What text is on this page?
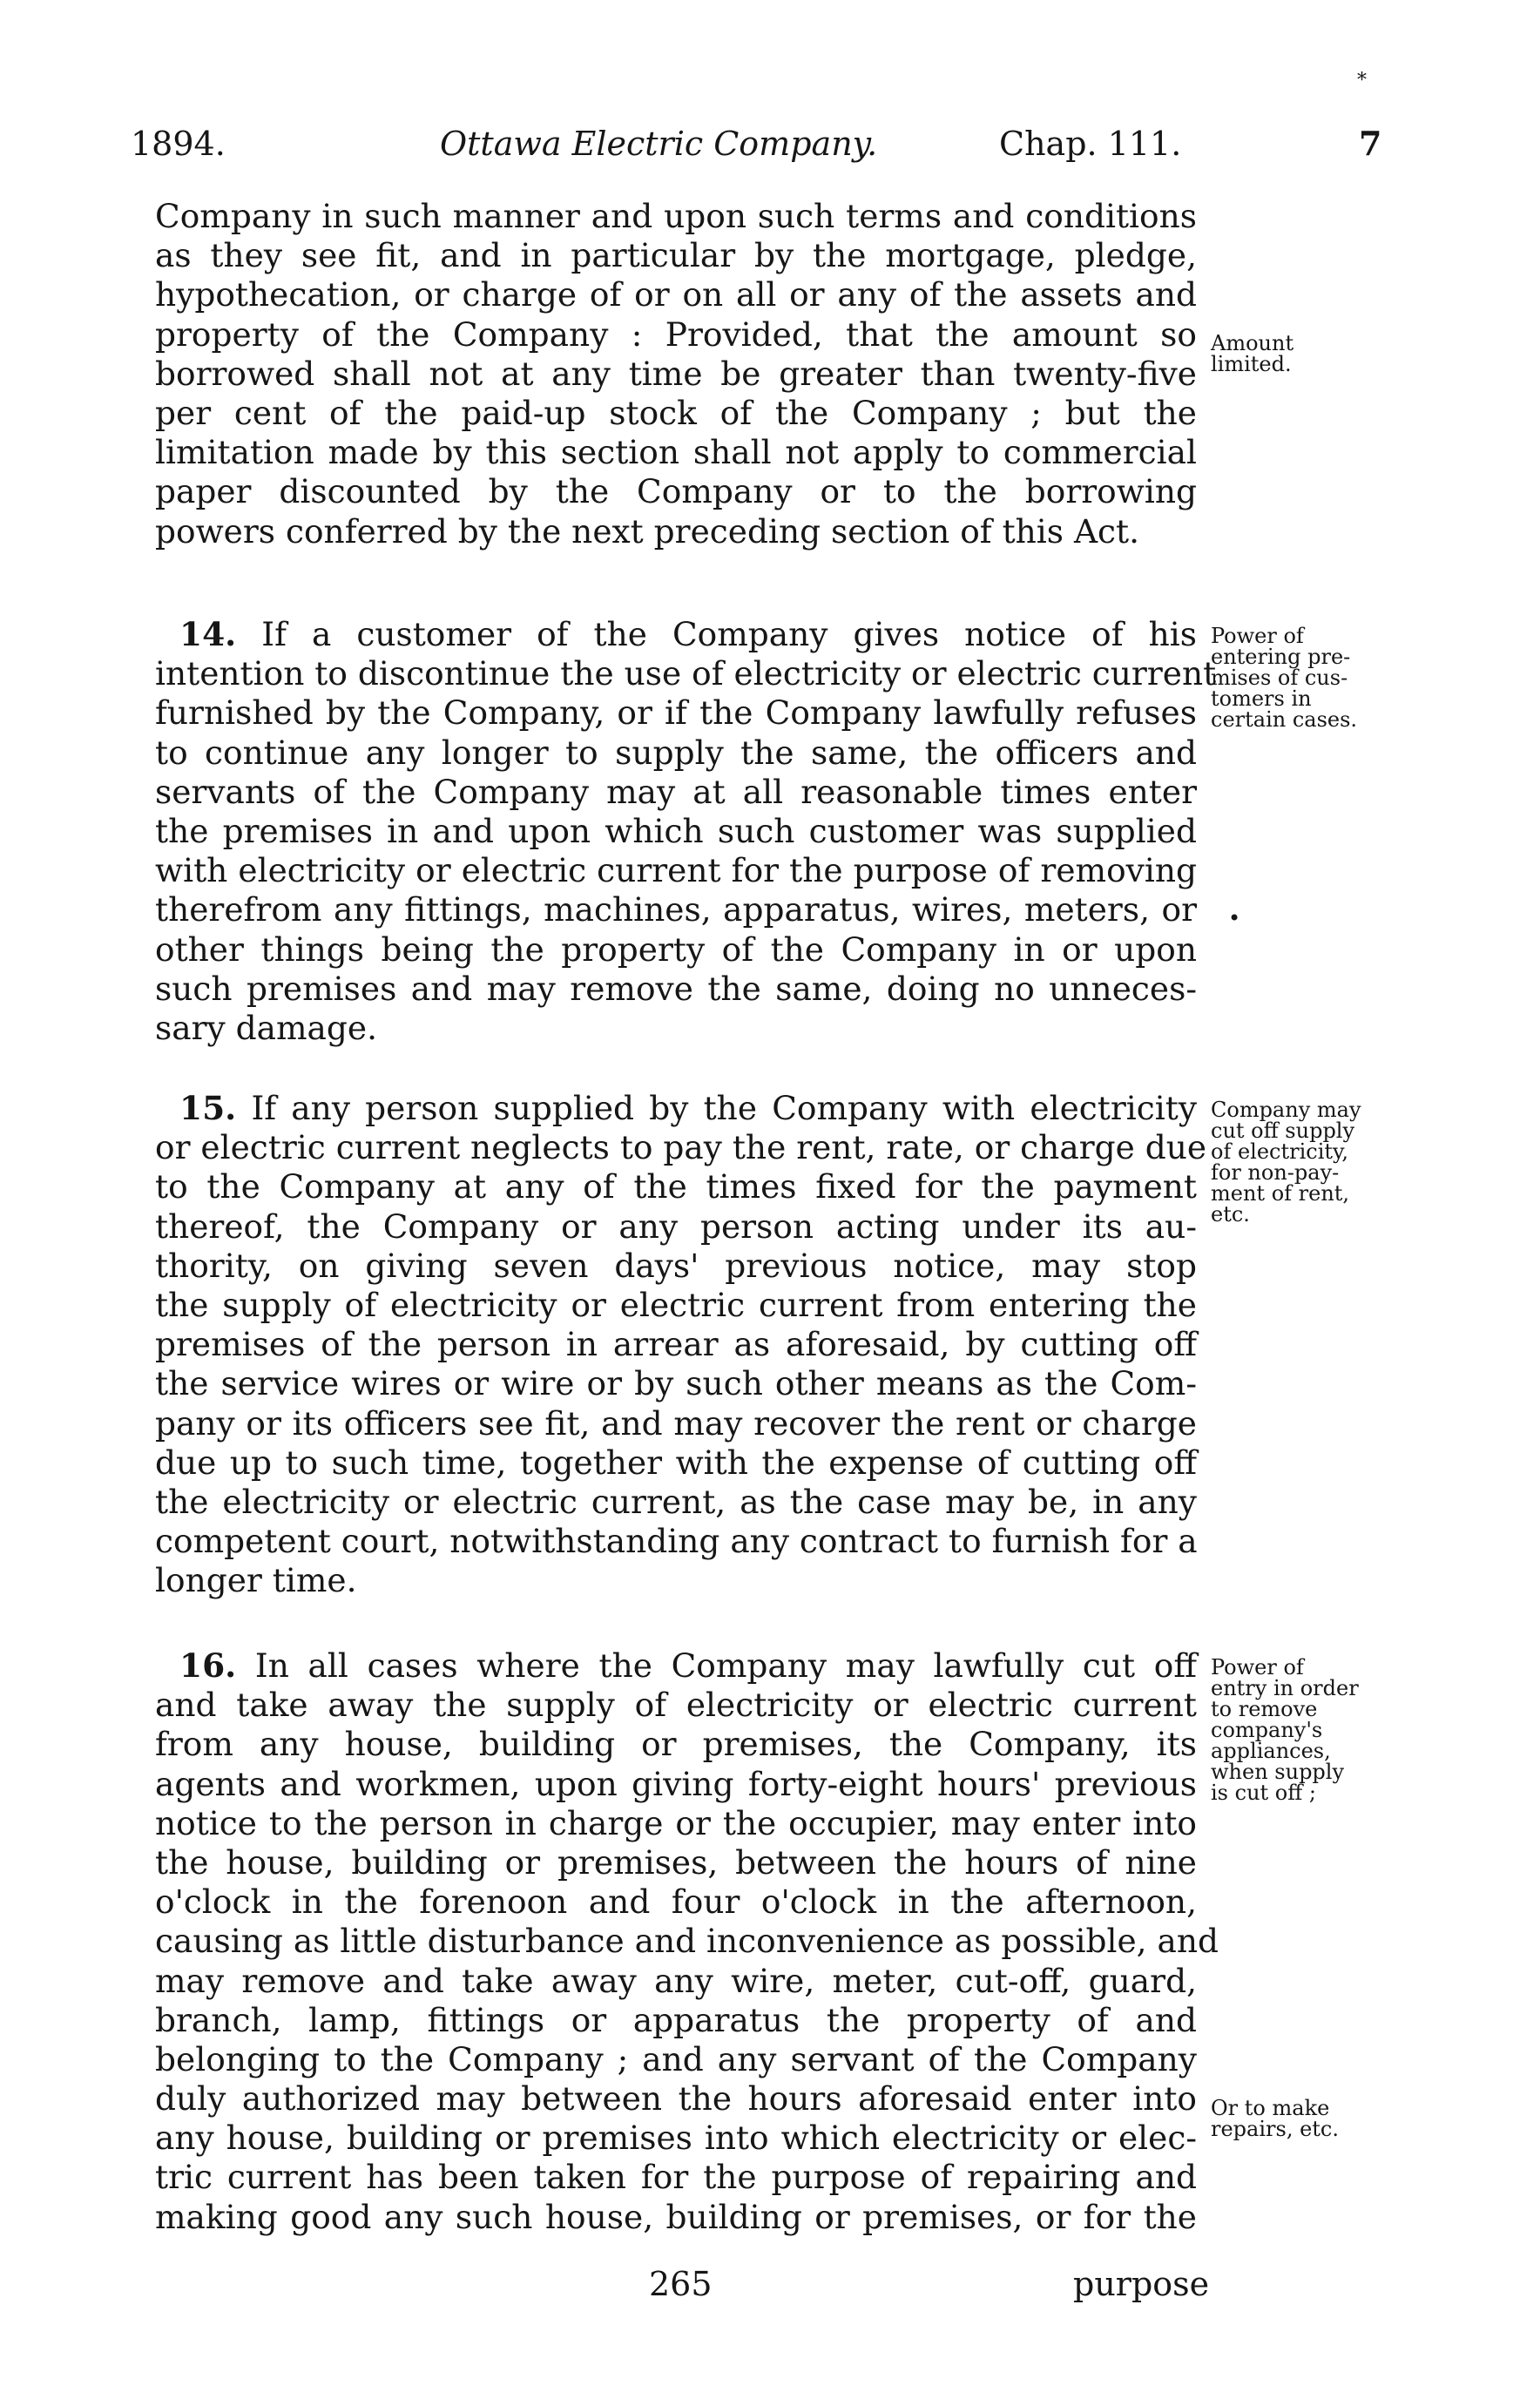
*
1894.	Ottawa Electric Company.	Chap. 111.	7
Company in such manner and upon such terms and conditions
as they see fit, and in particular by the mortgage, pledge,
hypothecation, or charge of or on all or any of the assets and
property of the Company : Provided, that the amount so
borrowed shall not at any time be greater than twenty-five
per cent of the paid-up stock of the Company ; but the
limitation made by this section shall not apply to commercial
paper discounted by the Company or to the borrowing
powers conferred by the next preceding section of this Act.
Amount
limited.
14. If a customer of the Company gives notice of his
intention to discontinue the use of electricity or electric current
furnished by the Company, or if the Company lawfully refuses
to continue any longer to supply the same, the officers and
servants of the Company may at all reasonable times enter
the premises in and upon which such customer was supplied
with electricity or electric current for the purpose of removing
therefrom any fittings, machines, apparatus, wires, meters, or
other things being the property of the Company in or upon
such premises and may remove the same, doing no unneces-
sary damage.
Power of
entering pre-
mises of cus-
tomers in
certain cases.
•
15. If any person supplied by the Company with electricity
or electric current neglects to pay the rent, rate, or charge due
to the Company at any of the times fixed for the payment
thereof, the Company or any person acting under its au-
thority, on giving seven days' previous notice, may stop
the supply of electricity or electric current from entering the
premises of the person in arrear as aforesaid, by cutting off
the service wires or wire or by such other means as the Com-
pany or its officers see fit, and may recover the rent or charge
due up to such time, together with the expense of cutting off
the electricity or electric current, as the case may be, in any
competent court, notwithstanding any contract to furnish for a
longer time.
Company may
cut off supply
of electricity,
for non-pay-
ment of rent,
etc.
16. In all cases where the Company may lawfully cut off
and take away the supply of electricity or electric current
from any house, building or premises, the Company, its
agents and workmen, upon giving forty-eight hours' previous
notice to the person in charge or the occupier, may enter into
the house, building or premises, between the hours of nine
o'clock in the forenoon and four o'clock in the afternoon,
causing as little disturbance and inconvenience as possible, and
may remove and take away any wire, meter, cut-off, guard,
branch, lamp, fittings or apparatus the property of and
belonging to the Company ; and any servant of the Company
duly authorized may between the hours aforesaid enter into
any house, building or premises into which electricity or elec-
tric current has been taken for the purpose of repairing and
making good any such house, building or premises, or for the
Power of
entry in order
to remove
company's
appliances,
when supply
is cut off ;
Or to make
repairs, etc.
265	purpose
